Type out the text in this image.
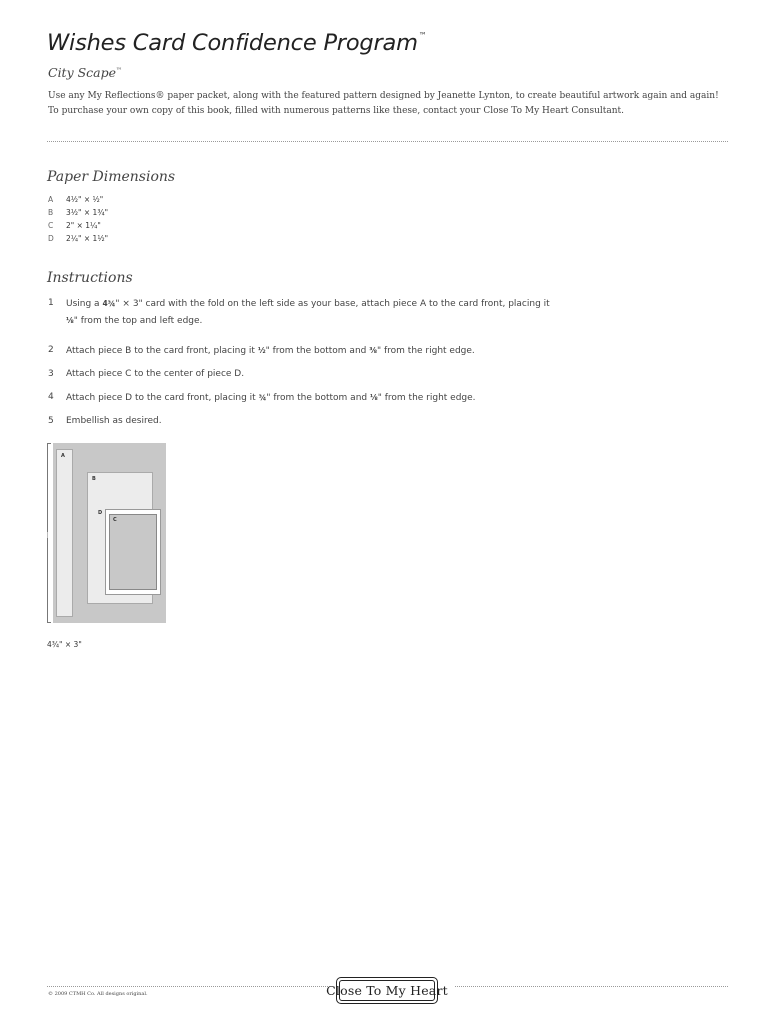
Wishes Card Confidence Program™
City Scape™
Use any My Reflections® paper packet, along with the featured pattern designed by Jeanette Lynton, to create beautiful artwork again and again!
To purchase your own copy of this book, filled with numerous patterns like these, contact your Close To My Heart Consultant.
Paper Dimensions
A 4½" × ½"
B 3½" × 1¾"
C 2" × 1¼"
D 2¼" × 1½"
Instructions
1 Using a 4¾" × 3" card with the fold on the left side as your base, attach piece A to the card front, placing it ⅛" from the top and left edge.
2 Attach piece B to the card front, placing it ½" from the bottom and ⅜" from the right edge.
3 Attach piece C to the center of piece D.
4 Attach piece D to the card front, placing it ¾" from the bottom and ⅛" from the right edge.
5 Embellish as desired.
A
B
D
C
4¾" × 3"
© 2009 CTMH Co. All designs original.	Close To My Heart
